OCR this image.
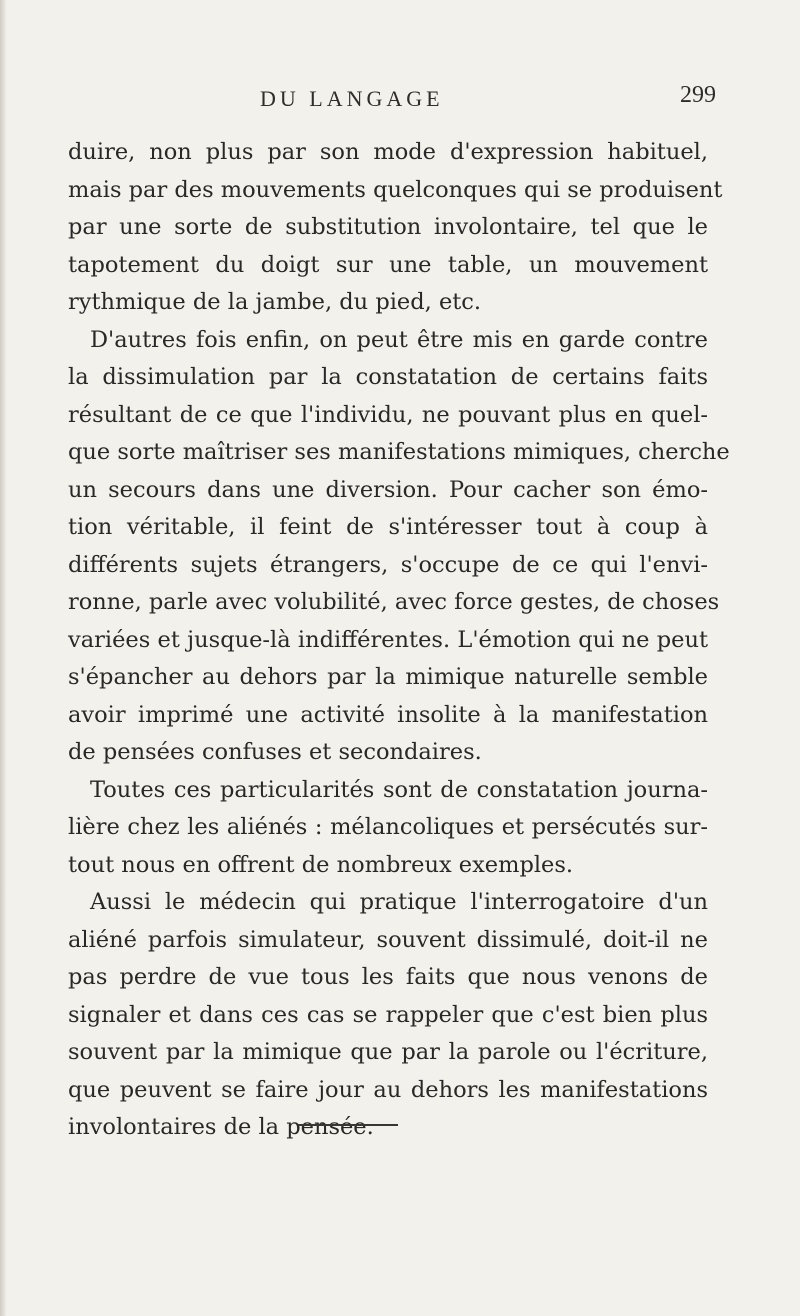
DU LANGAGE	299
duire, non plus par son mode d'expression habituel,
mais par des mouvements quelconques qui se produisent
par une sorte de substitution involontaire, tel que le
tapotement du doigt sur une table, un mouvement
rythmique de la jambe, du pied, etc.
D'autres fois enfin, on peut être mis en garde contre
la dissimulation par la constatation de certains faits
résultant de ce que l'individu, ne pouvant plus en quel-
que sorte maîtriser ses manifestations mimiques, cherche
un secours dans une diversion. Pour cacher son émo-
tion véritable, il feint de s'intéresser tout à coup à
différents sujets étrangers, s'occupe de ce qui l'envi-
ronne, parle avec volubilité, avec force gestes, de choses
variées et jusque-là indifférentes. L'émotion qui ne peut
s'épancher au dehors par la mimique naturelle semble
avoir imprimé une activité insolite à la manifestation
de pensées confuses et secondaires.
Toutes ces particularités sont de constatation journa-
lière chez les aliénés : mélancoliques et persécutés sur-
tout nous en offrent de nombreux exemples.
Aussi le médecin qui pratique l'interrogatoire d'un
aliéné parfois simulateur, souvent dissimulé, doit-il ne
pas perdre de vue tous les faits que nous venons de
signaler et dans ces cas se rappeler que c'est bien plus
souvent par la mimique que par la parole ou l'écriture,
que peuvent se faire jour au dehors les manifestations
involontaires de la pensée.
